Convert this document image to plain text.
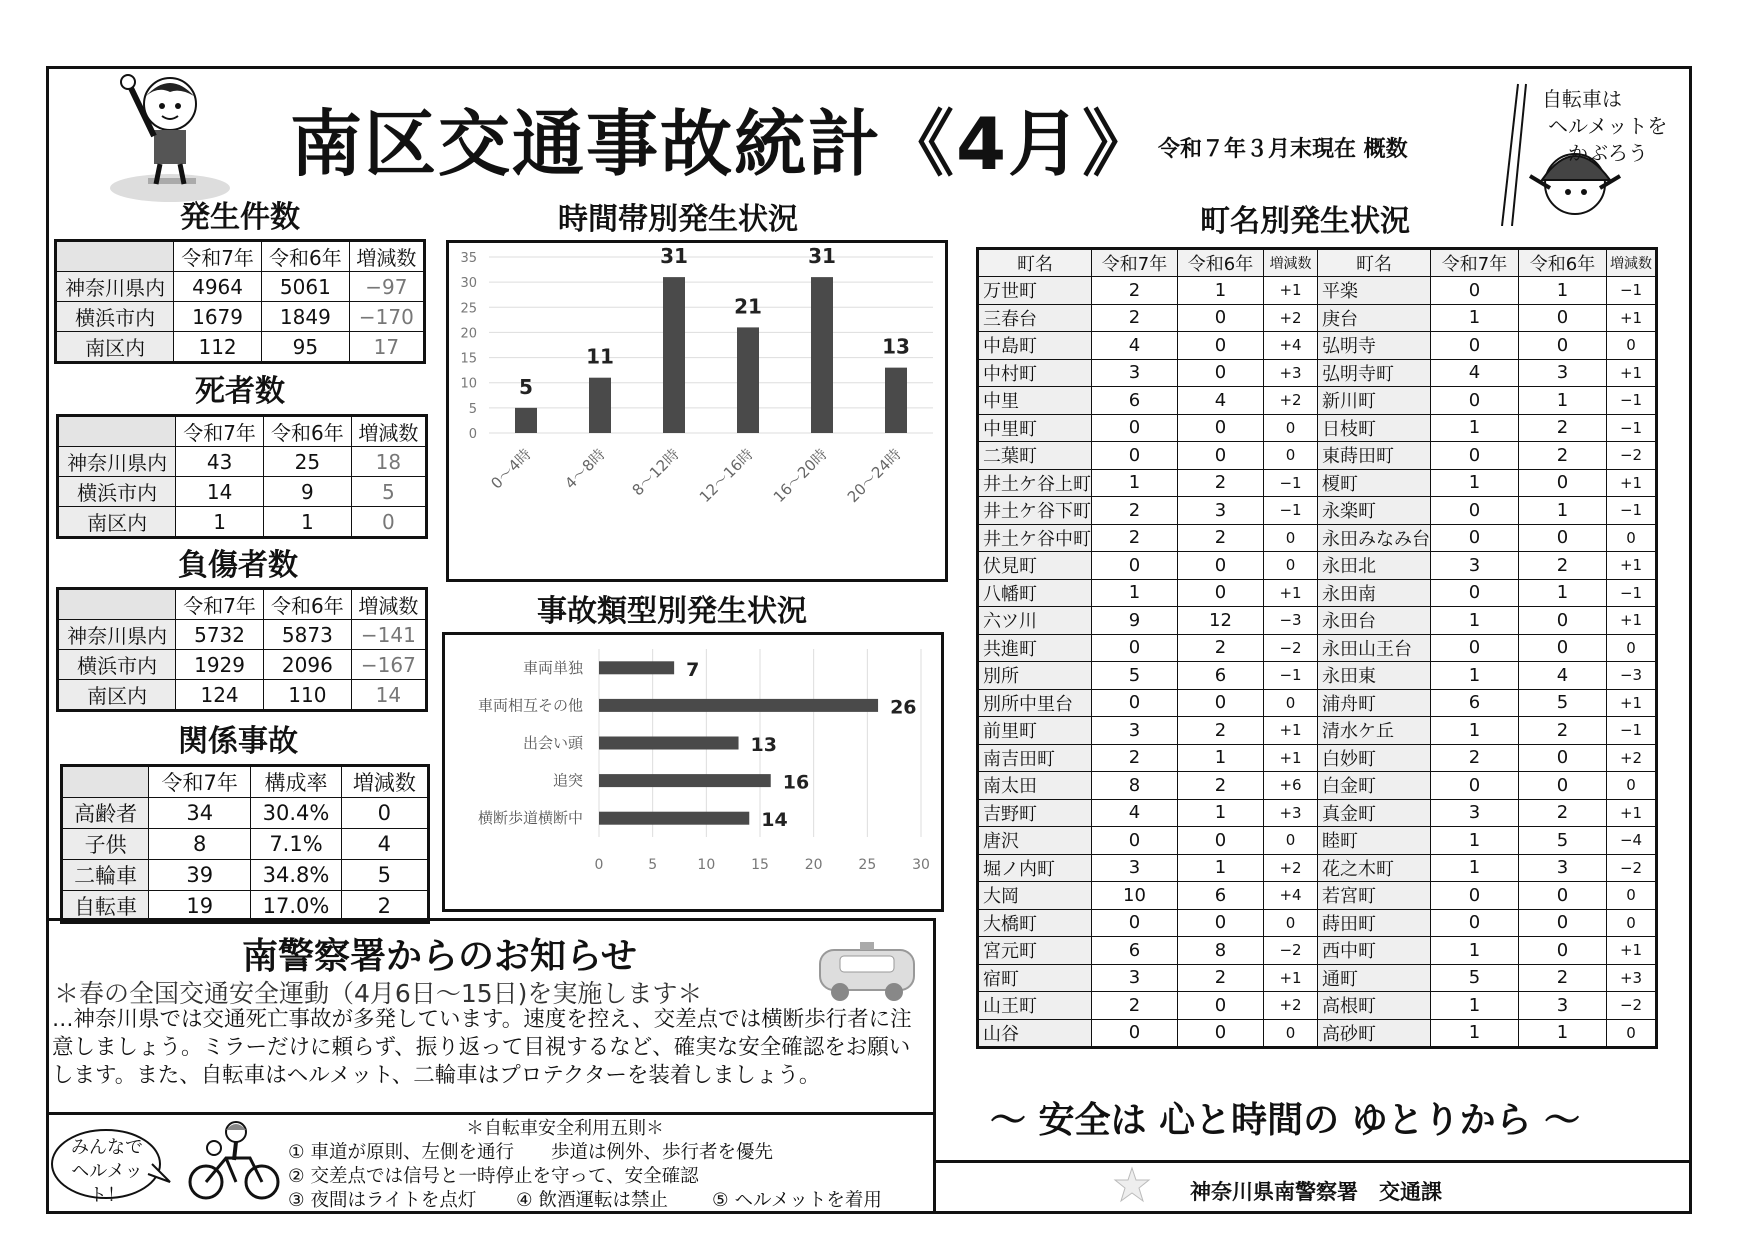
南区交通事故統計《4月》 令和７年３月末現在 概数
自転車は
ヘルメットを
かぶろう
発生件数	時間帯別発生状況	町名別発生状況
死者数
負傷者数
事故類型別発生状況
関係事故
	令和7年	令和6年	増減数
神奈川県内	4964	5061	−97
横浜市内	1679	1849	−170
南区内	112	95	17
	令和7年	令和6年	増減数
神奈川県内	43	25	18
横浜市内	14	9	5
南区内	1	1	0
	令和7年	令和6年	増減数
神奈川県内	5732	5873	−141
横浜市内	1929	2096	−167
南区内	124	110	14
	令和7年	構成率	増減数
高齢者	34	30.4%	0
子供	8	7.1%	4
二輪車	39	34.8%	5
自転車	19	17.0%	2
0
5
10
15
20
25
30
35
5
0〜4時
11
4〜8時
31
8〜12時
21
12〜16時
31
16〜20時
13
20〜24時
0	5	10	15	20	25	30
車両単独	7
車両相互その他	26
出会い頭	13
追突	16
横断歩道横断中	14
町名	令和7年	令和6年	増減数	町名	令和7年	令和6年	増減数
万世町	2	1	+1	平楽	0	1	−1
三春台	2	0	+2	庚台	1	0	+1
中島町	4	0	+4	弘明寺	0	0	0
中村町	3	0	+3	弘明寺町	4	3	+1
中里	6	4	+2	新川町	0	1	−1
中里町	0	0	0	日枝町	1	2	−1
二葉町	0	0	0	東蒔田町	0	2	−2
井土ケ谷上町	1	2	−1	榎町	1	0	+1
井土ケ谷下町	2	3	−1	永楽町	0	1	−1
井土ケ谷中町	2	2	0	永田みなみ台	0	0	0
伏見町	0	0	0	永田北	3	2	+1
八幡町	1	0	+1	永田南	0	1	−1
六ツ川	9	12	−3	永田台	1	0	+1
共進町	0	2	−2	永田山王台	0	0	0
別所	5	6	−1	永田東	1	4	−3
別所中里台	0	0	0	浦舟町	6	5	+1
前里町	3	2	+1	清水ケ丘	1	2	−1
南吉田町	2	1	+1	白妙町	2	0	+2
南太田	8	2	+6	白金町	0	0	0
吉野町	4	1	+3	真金町	3	2	+1
唐沢	0	0	0	睦町	1	5	−4
堀ノ内町	3	1	+2	花之木町	1	3	−2
大岡	10	6	+4	若宮町	0	0	0
大橋町	0	0	0	蒔田町	0	0	0
宮元町	6	8	−2	西中町	1	0	+1
宿町	3	2	+1	通町	5	2	+3
山王町	2	0	+2	高根町	1	3	−2
山谷	0	0	0	高砂町	1	1	0
南警察署からのお知らせ
＊春の全国交通安全運動（4月6日〜15日)を実施します＊
…神奈川県では交通死亡事故が多発しています。速度を控え、交差点では横断歩行者に注意しましょう。ミラーだけに頼らず、振り返って目視するなど、確実な安全確認をお願いします。また、自転車はヘルメット、二輪車はプロテクターを装着しましょう。
みんなで
ヘルメット！
＊自転車安全利用五則＊
① 車道が原則、左側を通行　　歩道は例外、歩行者を優先
② 交差点では信号と一時停止を守って、安全確認
③ 夜間はライトを点灯 ④ 飲酒運転は禁止 ⑤ ヘルメットを着用
〜 安全は 心と時間の ゆとりから 〜
神奈川県南警察署　交通課
